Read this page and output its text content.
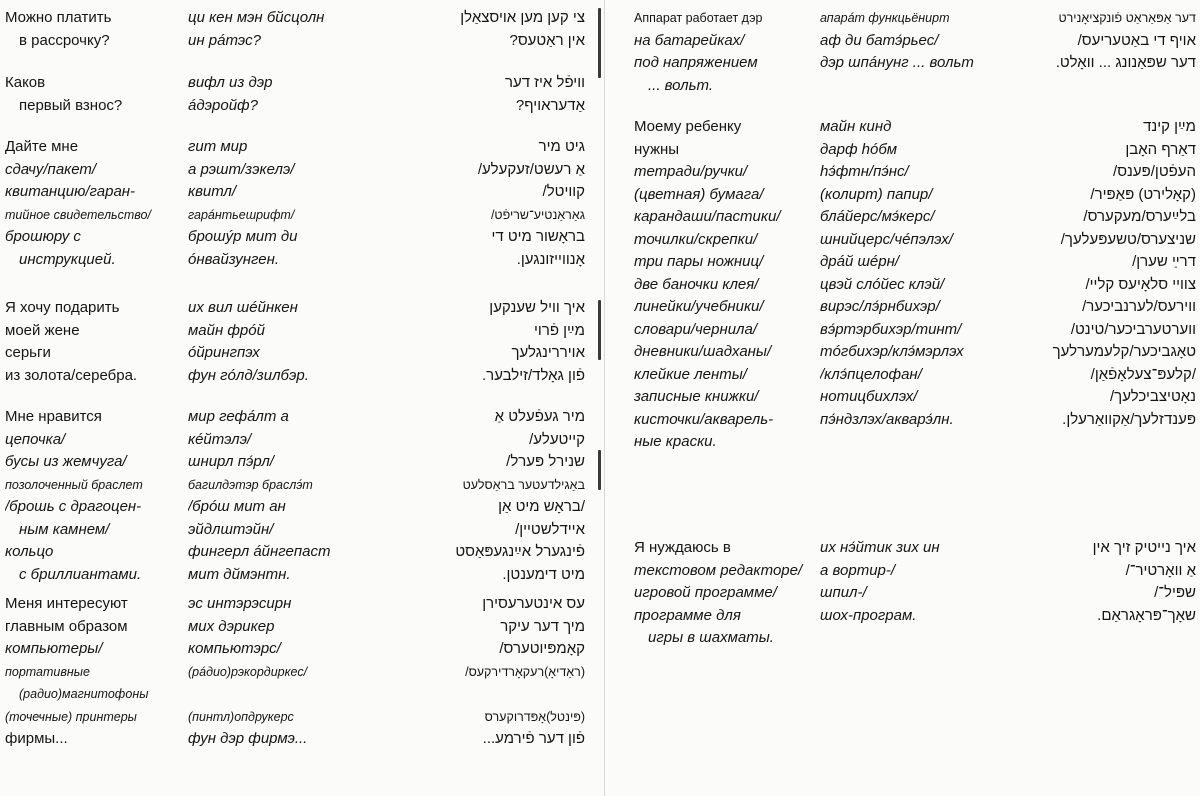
Можно платить	ци кен мэн бйсцолн	צי קען מען אויסצאַלן
в рассрочку?	ин рáтэс?	אין ראַטעס?
Каков	вифл из дэр	וויפֿל איז דער
первый взнос?	áдэройф?	אַדעראויף?
Дайте мне	гит мир	גיט מיר
сдачу/пакет/	а рэшт/зэкелэ/	אַ רעשט/זעקעלע/
квитанцию/гаран-	квитл/	קוויטל/
тийное свидетельство/	гарáнтьешрифт/	גאַראַנטיע־שריפֿט/
брошюру с	брошýр мит ди	בראָשור מיט די
инструкцией.	óнвайзунген.	אָנווייזונגען.
Я хочу подарить	их вил шéйнкен	איך וויל שענקען
моей жене	майн фрóй	מײַן פֿרוי
серьги	óйрингпэх	אויררינגלעך
из золота/серебра.	фун гóлд/зилбэр.	פֿון גאָלד/זילבער.
Мне нравится	мир гефáлт а	מיר געפֿעלט אַ
цепочка/	кéйтэлэ/	קייטעלע/
бусы из жемчуга/	шнирл пэ́рл/	שנירל פּערל/
позолоченный браслет	багилдэтэр браслэ́т	באַגילדעטער בראַסלעט
/брошь с драгоцен-	/брóш мит ан	/בראָש מיט אַן
ным камнем/	эйдлштэйн/	איידלשטיין/
кольцо	фингерл áйнгепаст	פֿינגערל אײַנגעפּאַסט
с бриллиантами.	мит дймэнтн.	מיט דימענטן.
Меня интересуют	эс интэрэсирн	עס אינטערעסירן
главным образом	мих дэрикер	מיך דער עיקר
компьютеры/	компьютэрс/	קאָמפּיוטערס/
портативные	(рáдио)рэкордиркес/	(ראַדיאָ)רעקאָרדירקעס/
(радио)магнитофоны
(точечные) принтеры	(пинтл)опдрукерс	(פּינטל)אָפּדרוקערס
фирмы...	фун дэр фирмэ...	פֿון דער פֿירמע...
Аппарат работает дэр	апарáт функцьёнирт	דער אַפּאַראַט פֿונקציאָנירט
на батарейках/	аф ди батэ́рьес/	אויף די באַטעריעס/
под напряжением	дэр шпáнунг ... вольт	דער שפּאַנונג ... וואָלט.
... вольт.
Моему ребенку	майн кинд	מײַן קינד
нужны	дарф hóбм	דאַרף האָבן
тетради/ручки/	hэ́фтн/пэ́нс/	העפֿטן/פּענס/
(цветная) бумага/	(колирт) папир/	(קאָלירט) פּאַפּיר/
карандаши/пастики/	блáйерс/мэ́керс/	בלײַערס/מעקערס/
точилки/скрепки/	шнийцерс/чéпэлэх/	שניצערס/טשעפּעלעך/
три пары ножниц/	дрáй шéрн/	דרײַ שערן/
две баночки клея/	цвэй слóйес клэй/	צוויי סלאָיעס קליי/
линейки/учебники/	вирэс/лэ́рнбихэр/	ווירעס/לערנביכער/
словари/чернила/	вэ́ртэрбихэр/тинт/	ווערטערביכער/טינט/
дневники/шадханы/	тóгбихэр/клэ́мэрлэх	טאָגביכער/קלעמערלעך
клейкие ленты/	/клэ́пцелофан/	/קלעפּ־צעלאָפֿאַן/
записные книжки/	нотицбихлэх/	נאָטיצביכלעך/
кисточки/акварель-	пэ́ндзлэх/акварэ́лн.	פּענדזלעך/אַקוואַרעלן.
ные краски.
Я нуждаюсь в	их нэ́йтик зих ин	איך נייטיק זיך אין
текстовом редакторе/	а вортир-/	אַ וואָרטיר־/
игровой программе/	шпил-/	שפּיל־/
программе для	шох-програм.	שאָך־פּראָגראַם.
игры в шахматы.
